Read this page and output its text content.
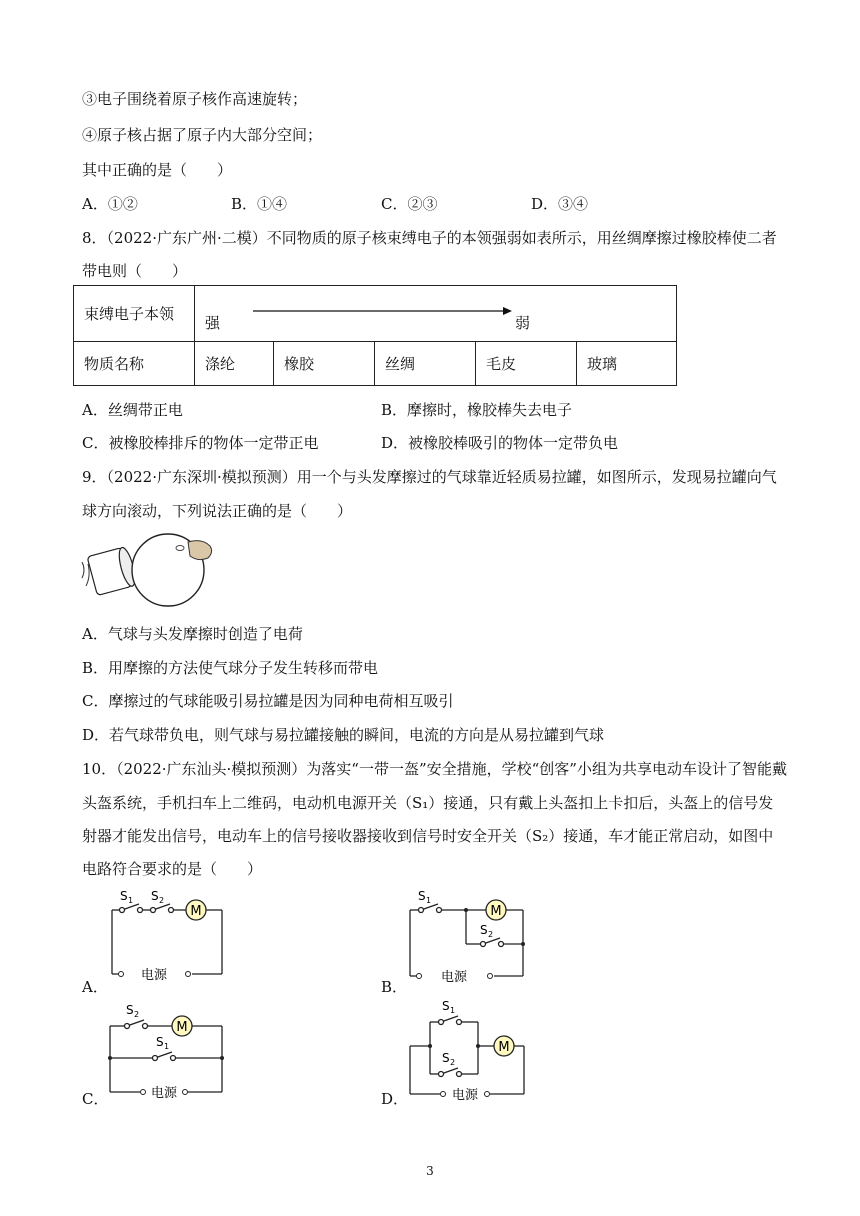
③电子围绕着原子核作高速旋转；
④原子核占据了原子内大部分空间；
其中正确的是（　　）
A．①②	B．①④	C．②③	D．③④
8．（2022·广东广州·二模）不同物质的原子核束缚电子的本领强弱如表所示，用丝绸摩擦过橡胶棒使二者
带电则（　　）
束缚电子本领	强 弱				

物质名称	涤纶	橡胶	丝绸	毛皮	玻璃
A．丝绸带正电	B．摩擦时，橡胶棒失去电子
C．被橡胶棒排斥的物体一定带正电	D．被橡胶棒吸引的物体一定带负电
9．（2022·广东深圳·模拟预测）用一个与头发摩擦过的气球靠近轻质易拉罐，如图所示，发现易拉罐向气
球方向滚动，下列说法正确的是（　　）
A．气球与头发摩擦时创造了电荷
B．用摩擦的方法使气球分子发生转移而带电
C．摩擦过的气球能吸引易拉罐是因为同种电荷相互吸引
D．若气球带负电，则气球与易拉罐接触的瞬间，电流的方向是从易拉罐到气球
10．（2022·广东汕头·模拟预测）为落实“一带一盔”安全措施，学校“创客”小组为共享电动车设计了智能戴
头盔系统，手机扫车上二维码，电动机电源开关（S₁）接通，只有戴上头盔扣上卡扣后，头盔上的信号发
射器才能发出信号，电动车上的信号接收器接收到信号时安全开关（S₂）接通，车才能正常启动，如图中
电路符合要求的是（　　）
A．
M
电源
S 1 S 2
B．
M
电源
S 1
S 2
C．
M
电源
S 2
S 1
D．
M
电源
S 1
S 2
3
